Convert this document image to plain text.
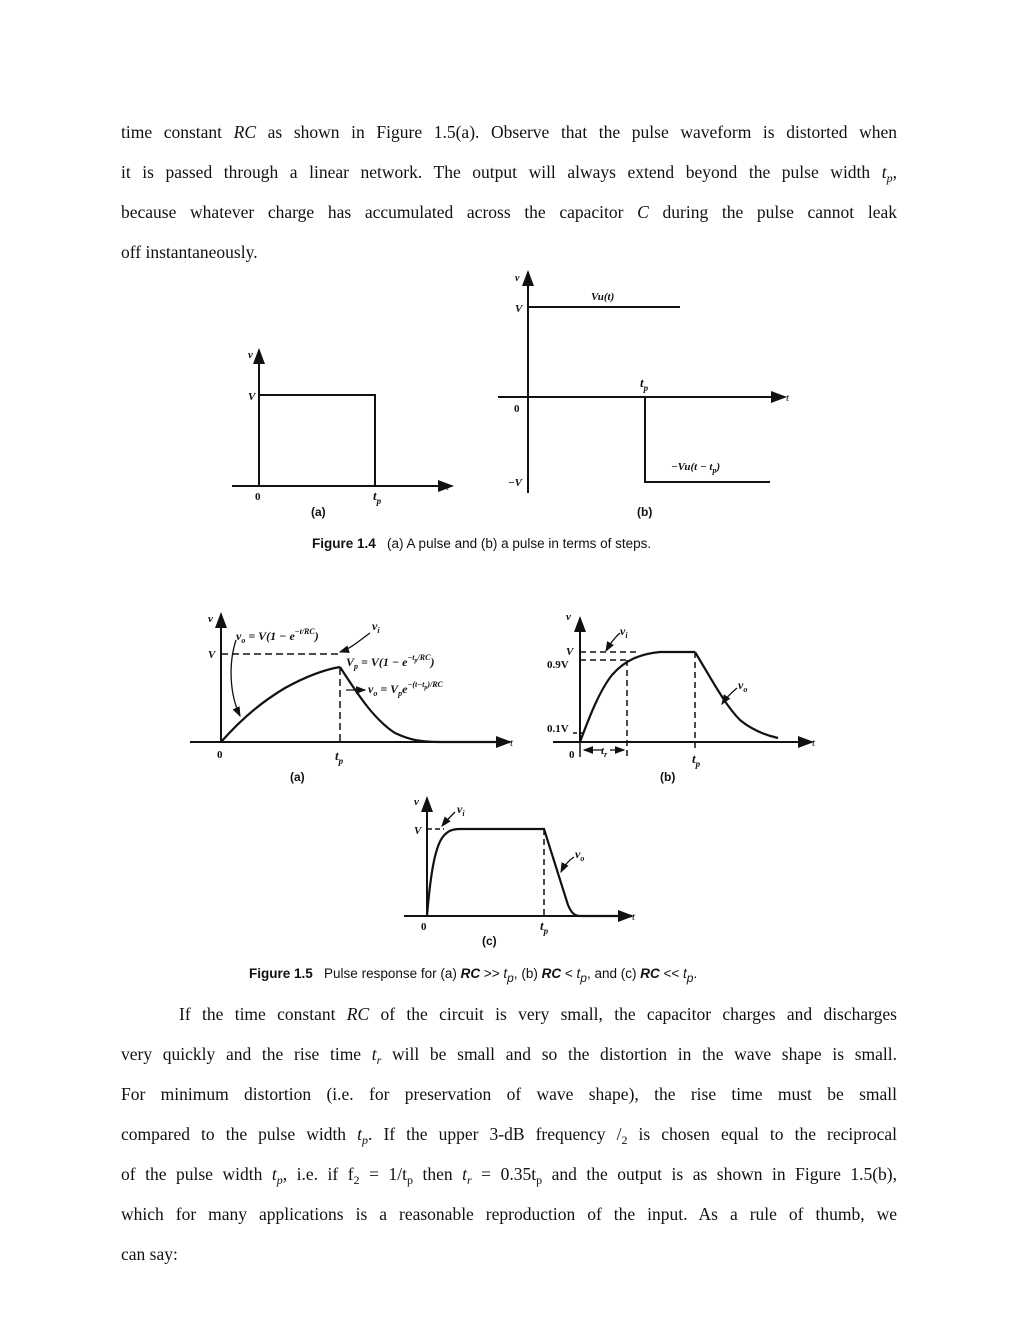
time constant RC as shown in Figure 1.5(a). Observe that the pulse waveform is distorted when
it is passed through a linear network. The output will always extend beyond the pulse width $t_p$,
because whatever charge has accumulated across the capacitor C during the pulse cannot leak
off instantaneously.
v
V
0
t
$t_p$
(a)
v
V
Vu(t)
0
$t_p$
t
−V
$-Vu(t - t_p)$
(b)
v
V
$v_o = V(1 - e^{-t/RC})$
$v_i$
$V_p = V(1 - e^{-t}p/RC)$
$v_o = V_pe^{-(t-t}p)/RC$
0	$t_p$
t
(a)
v
V
0.9V
0.1V
0 $t_r$	$t_p$
t
$v_i$
$v_o$
(b)
v
V
$v_i$
$v_o$
0	$t_p$
t
(c)
Figure 1.4 (a) A pulse and (b) a pulse in terms of steps.
Figure 1.5 Pulse response for (a) RC >> $t_p$, (b) RC < $t_p$, and (c) RC << $t_p$.
If the time constant RC of the circuit is very small, the capacitor charges and discharges
very quickly and the rise time $t_r$ will be small and so the distortion in the wave shape is small.
For minimum distortion (i.e. for preservation of wave shape), the rise time must be small
compared to the pulse width $t_p$. If the upper 3-dB frequency $/_2$ is chosen equal to the reciprocal
of the pulse width $t_p$, i.e. if $f_2 = 1/t_p$ then $t_r = 0.35t_p$ and the output is as shown in Figure 1.5(b),
which for many applications is a reasonable reproduction of the input. As a rule of thumb, we
can say:
